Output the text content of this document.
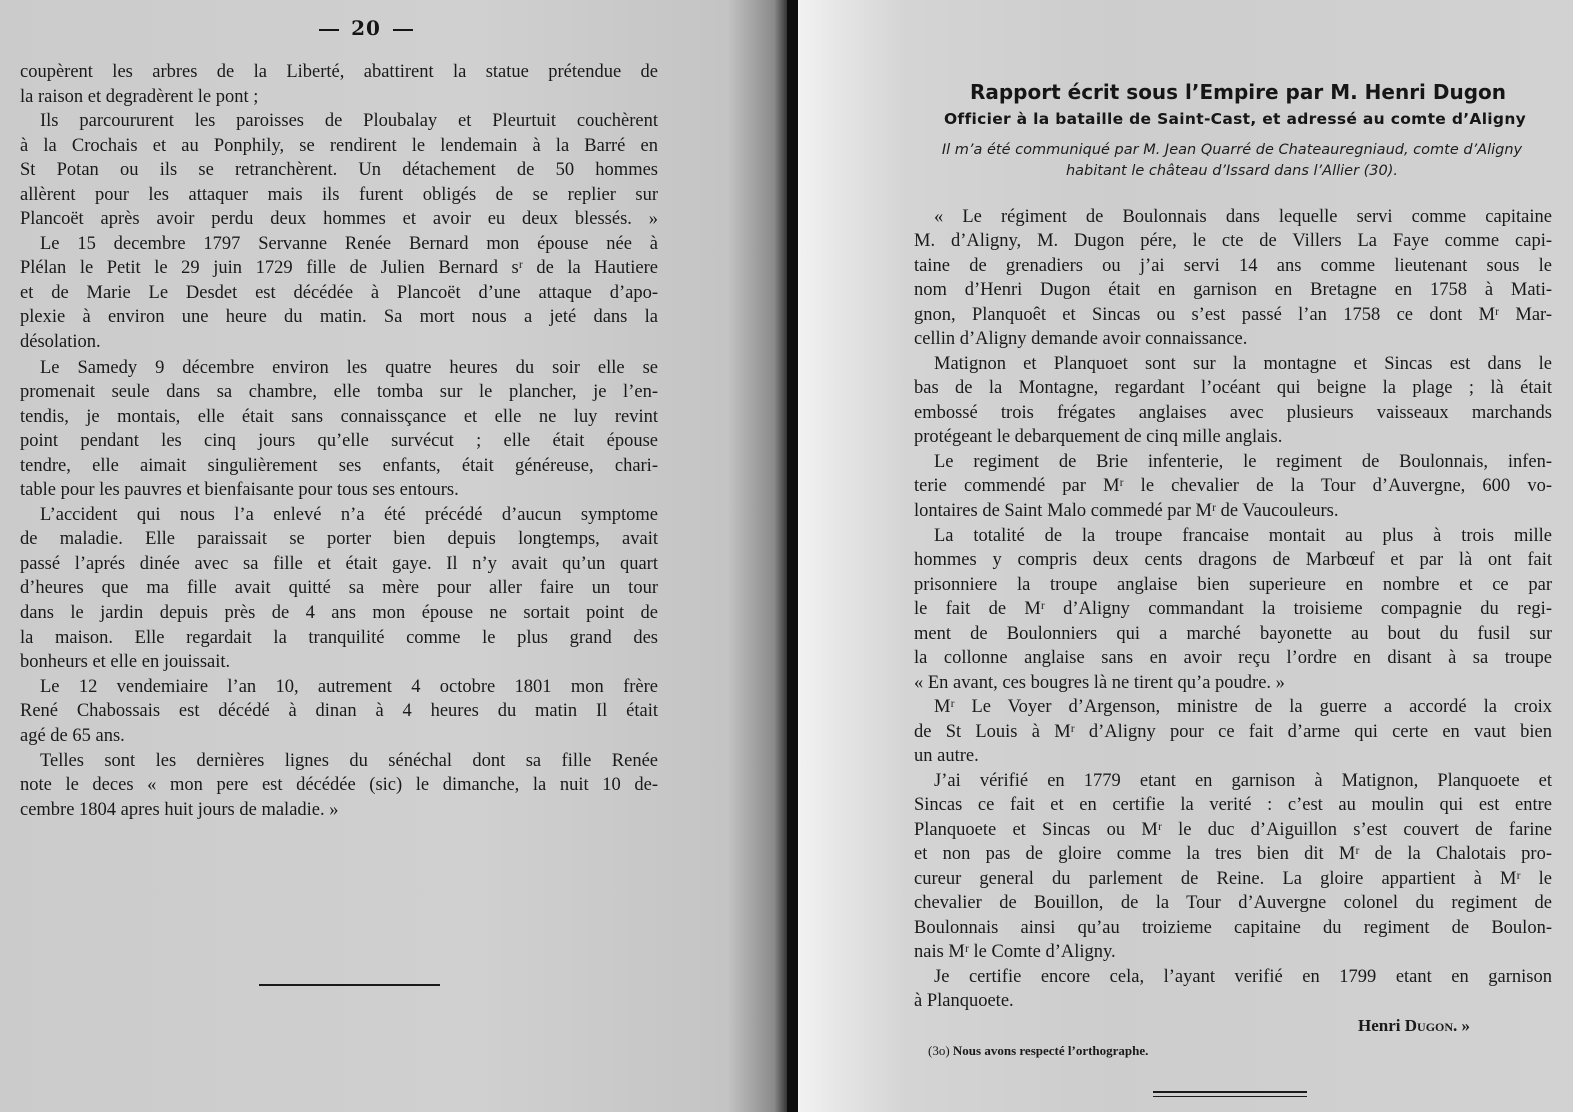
20
coupèrent les arbres de la Liberté, abattirent la statue prétendue de
la raison et degradèrent le pont ;
Ils parcoururent les paroisses de Ploubalay et Pleurtuit couchèrent
à la Crochais et au Ponphily, se rendirent le lendemain à la Barré en
St Potan ou ils se retranchèrent. Un détachement de 50 hommes
allèrent pour les attaquer mais ils furent obligés de se replier sur
Plancoët après avoir perdu deux hommes et avoir eu deux blessés. »
Le 15 decembre 1797 Servanne Renée Bernard mon épouse née à
Plélan le Petit le 29 juin 1729 fille de Julien Bernard sʳ de la Hautiere
et de Marie Le Desdet est décédée à Plancoët d’une attaque d’apo-
plexie à environ une heure du matin. Sa mort nous a jeté dans la
désolation.
Le Samedy 9 décembre environ les quatre heures du soir elle se
promenait seule dans sa chambre, elle tomba sur le plancher, je l’en-
tendis, je montais, elle était sans connaissçance et elle ne luy revint
point pendant les cinq jours qu’elle survécut ; elle était épouse
tendre, elle aimait singulièrement ses enfants, était généreuse, chari-
table pour les pauvres et bienfaisante pour tous ses entours.
L’accident qui nous l’a enlevé n’a été précédé d’aucun symptome
de maladie. Elle paraissait se porter bien depuis longtemps, avait
passé l’aprés dinée avec sa fille et était gaye. Il n’y avait qu’un quart
d’heures que ma fille avait quitté sa mère pour aller faire un tour
dans le jardin depuis près de 4 ans mon épouse ne sortait point de
la maison. Elle regardait la tranquilité comme le plus grand des
bonheurs et elle en jouissait.
Le 12 vendemiaire l’an 10, autrement 4 octobre 1801 mon frère
René Chabossais est décédé à dinan à 4 heures du matin Il était
agé de 65 ans.
Telles sont les dernières lignes du sénéchal dont sa fille Renée
note le deces « mon pere est décédée (sic) le dimanche, la nuit 10 de-
cembre 1804 apres huit jours de maladie. »
Rapport écrit sous l’Empire par M. Henri Dugon
Officier à la bataille de Saint-Cast, et adressé au comte d’Aligny
Il m’a été communiqué par M. Jean Quarré de Chateauregniaud, comte d’Aligny
habitant le château d’Issard dans l’Allier (30).
« Le régiment de Boulonnais dans lequelle servi comme capitaine
M. d’Aligny, M. Dugon pére, le cte de Villers La Faye comme capi-
taine de grenadiers ou j’ai servi 14 ans comme lieutenant sous le
nom d’Henri Dugon était en garnison en Bretagne en 1758 à Mati-
gnon, Planquoêt et Sincas ou s’est passé l’an 1758 ce dont Mʳ Mar-
cellin d’Aligny demande avoir connaissance.
Matignon et Planquoet sont sur la montagne et Sincas est dans le
bas de la Montagne, regardant l’océant qui beigne la plage ; là était
embossé trois frégates anglaises avec plusieurs vaisseaux marchands
protégeant le debarquement de cinq mille anglais.
Le regiment de Brie infenterie, le regiment de Boulonnais, infen-
terie commendé par Mʳ le chevalier de la Tour d’Auvergne, 600 vo-
lontaires de Saint Malo commedé par Mʳ de Vaucouleurs.
La totalité de la troupe francaise montait au plus à trois mille
hommes y compris deux cents dragons de Marbœuf et par là ont fait
prisonniere la troupe anglaise bien superieure en nombre et ce par
le fait de Mʳ d’Aligny commandant la troisieme compagnie du regi-
ment de Boulonniers qui a marché bayonette au bout du fusil sur
la collonne anglaise sans en avoir reçu l’ordre en disant à sa troupe
« En avant, ces bougres là ne tirent qu’a poudre. »
Mʳ Le Voyer d’Argenson, ministre de la guerre a accordé la croix
de St Louis à Mʳ d’Aligny pour ce fait d’arme qui certe en vaut bien
un autre.
J’ai vérifié en 1779 etant en garnison à Matignon, Planquoete et
Sincas ce fait et en certifie la verité : c’est au moulin qui est entre
Planquoete et Sincas ou Mʳ le duc d’Aiguillon s’est couvert de farine
et non pas de gloire comme la tres bien dit Mʳ de la Chalotais pro-
cureur general du parlement de Reine. La gloire appartient à Mʳ le
chevalier de Bouillon, de la Tour d’Auvergne colonel du regiment de
Boulonnais ainsi qu’au troizieme capitaine du regiment de Boulon-
nais Mʳ le Comte d’Aligny.
Je certifie encore cela, l’ayant verifié en 1799 etant en garnison
à Planquoete.
Henri Dugon. »
(3o) Nous avons respecté l’orthographe.
